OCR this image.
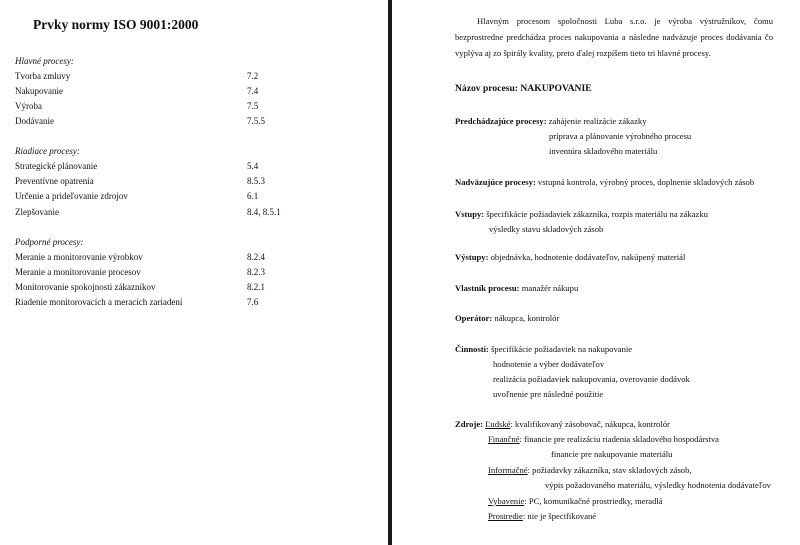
Prvky normy ISO 9001:2000
Hlavné procesy:
Tvorba zmluvy	7.2
Nakupovanie	7.4
Výroba	7.5
Dodávanie	7.5.5
Riadiace procesy:
Strategické plánovanie	5.4
Preventívne opatrenia	8.5.3
Určenie a prideľovanie zdrojov	6.1
Zlepšovanie	8.4, 8.5.1
Podporné procesy:
Meranie a monitorovanie výrobkov	8.2.4
Meranie a monitorovanie procesov	8.2.3
Monitorovanie spokojnosti zákazníkov	8.2.1
Riadenie monitorovacích a meracích zariadení	7.6

Hlavným procesom spoločnosti Luba s.r.o. je výroba výstružníkov, čomu bezprostredne predchádza proces nakupovania a následne nadväzuje proces dodávania čo vyplýva aj zo špirály kvality, preto ďalej rozpíšem tieto tri hlavné procesy.

Názov procesu: NAKUPOVANIE
Predchádzajúce procesy: zahájenie realizácie zákazky
príprava a plánovanie výrobného procesu
inventúra skladového materiálu
Nadväzujúce procesy: vstupná kontrola, výrobný proces, doplnenie skladových zásob
Vstupy: špecifikácie požiadaviek zákazníka, rozpis materiálu na zákazku
výsledky stavu skladových zásob
Výstupy: objednávka, hodnotenie dodávateľov, nakúpený materiál
Vlastník procesu: manažér nákupu
Operátor: nákupca, kontrolór
Činnosti: špecifikácie požiadaviek na nakupovanie
hodnotenie a výber dodávateľov
realizácia požiadaviek nakupovania, overovanie dodávok
uvoľnenie pre následné použitie
Zdroje: Ľudské: kvalifikovaný zásobovač, nákupca, kontrolór
Finančné: financie pre realizáciu riadenia skladového hospodárstva
financie pre nakupovanie materiálu
Informačné: požiadavky zákazníka, stav skladových zásob,
výpis požadovaného materiálu, výsledky hodnotenia dodávateľov
Vybavenie: PC, komunikačné prostriedky, meradlá
Prostredie: nie je špecifikované
